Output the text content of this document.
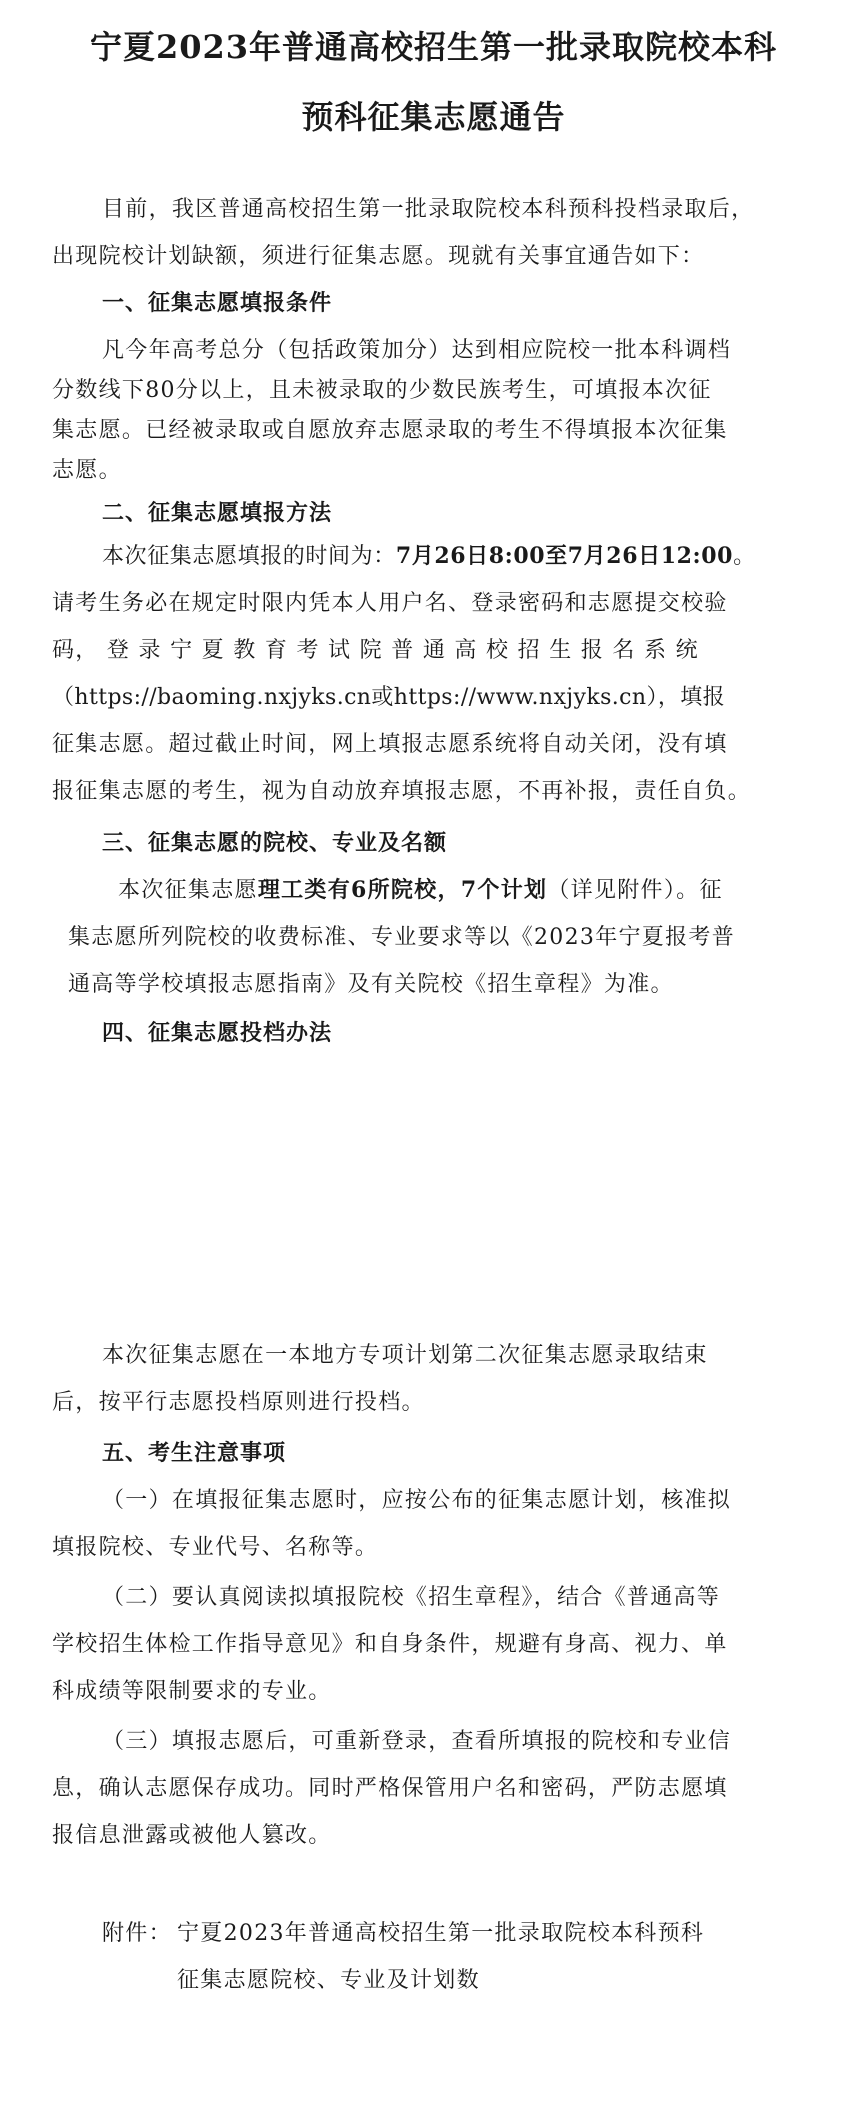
宁夏2023年普通高校招生第一批录取院校本科
预科征集志愿通告
目前，我区普通高校招生第一批录取院校本科预科投档录取后，
出现院校计划缺额，须进行征集志愿。现就有关事宜通告如下：
一、征集志愿填报条件
凡今年高考总分（包括政策加分）达到相应院校一批本科调档
分数线下80分以上，且未被录取的少数民族考生，可填报本次征
集志愿。已经被录取或自愿放弃志愿录取的考生不得填报本次征集
志愿。
二、征集志愿填报方法
本次征集志愿填报的时间为：7月26日8:00至7月26日12:00。
请考生务必在规定时限内凭本人用户名、登录密码和志愿提交校验
码， 登 录 宁 夏 教 育 考 试 院 普 通 高 校 招 生 报 名 系 统
（https://baoming.nxjyks.cn或https://www.nxjyks.cn），填报
征集志愿。超过截止时间，网上填报志愿系统将自动关闭，没有填
报征集志愿的考生，视为自动放弃填报志愿，不再补报，责任自负。
三、征集志愿的院校、专业及名额
本次征集志愿理工类有6所院校，7个计划（详见附件）。征
集志愿所列院校的收费标准、专业要求等以《2023年宁夏报考普
通高等学校填报志愿指南》及有关院校《招生章程》为准。
四、征集志愿投档办法
本次征集志愿在一本地方专项计划第二次征集志愿录取结束
后，按平行志愿投档原则进行投档。
五、考生注意事项
（一）在填报征集志愿时，应按公布的征集志愿计划，核准拟
填报院校、专业代号、名称等。
（二）要认真阅读拟填报院校《招生章程》，结合《普通高等
学校招生体检工作指导意见》和自身条件，规避有身高、视力、单
科成绩等限制要求的专业。
（三）填报志愿后，可重新登录，查看所填报的院校和专业信
息，确认志愿保存成功。同时严格保管用户名和密码，严防志愿填
报信息泄露或被他人篡改。
附件： 宁夏2023年普通高校招生第一批录取院校本科预科
征集志愿院校、专业及计划数
